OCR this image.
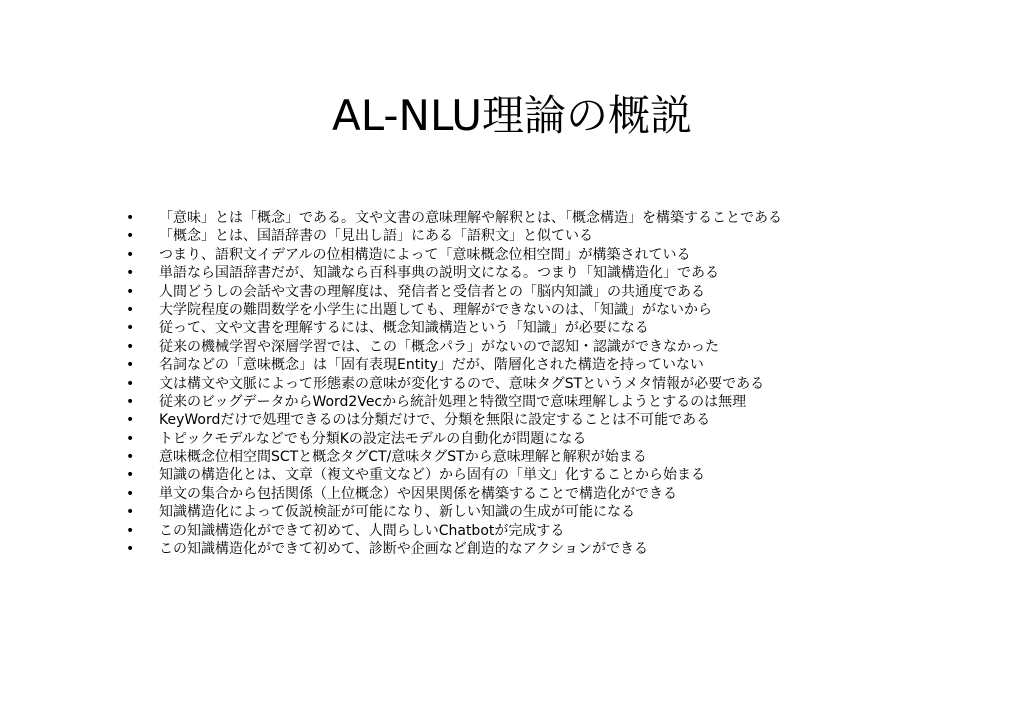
AL-NLU理論の概説
•	「意味」とは「概念」である。文や文書の意味理解や解釈とは、「概念構造」を構築することである
•	「概念」とは、国語辞書の「見出し語」にある「語釈文」と似ている
•	つまり、語釈文イデアルの位相構造によって「意味概念位相空間」が構築されている
•	単語なら国語辞書だが、知識なら百科事典の説明文になる。つまり「知識構造化」である
•	人間どうしの会話や文書の理解度は、発信者と受信者との「脳内知識」の共通度である
•	大学院程度の難問数学を小学生に出題しても、理解ができないのは、「知識」がないから
•	従って、文や文書を理解するには、概念知識構造という「知識」が必要になる
•	従来の機械学習や深層学習では、この「概念パラ」がないので認知・認識ができなかった
•	名詞などの「意味概念」は「固有表現Entity」だが、階層化された構造を持っていない
•	文は構文や文脈によって形態素の意味が変化するので、意味タグSTというメタ情報が必要である
•	従来のビッグデータからWord2Vecから統計処理と特徴空間で意味理解しようとするのは無理
•	KeyWordだけで処理できるのは分類だけで、分類を無限に設定することは不可能である
•	トピックモデルなどでも分類Kの設定法モデルの自動化が問題になる
•	意味概念位相空間SCTと概念タグCT/意味タグSTから意味理解と解釈が始まる
•	知識の構造化とは、文章（複文や重文など）から固有の「単文」化することから始まる
•	単文の集合から包括関係（上位概念）や因果関係を構築することで構造化ができる
•	知識構造化によって仮説検証が可能になり、新しい知識の生成が可能になる
•	この知識構造化ができて初めて、人間らしいChatbotが完成する
•	この知識構造化ができて初めて、診断や企画など創造的なアクションができる
